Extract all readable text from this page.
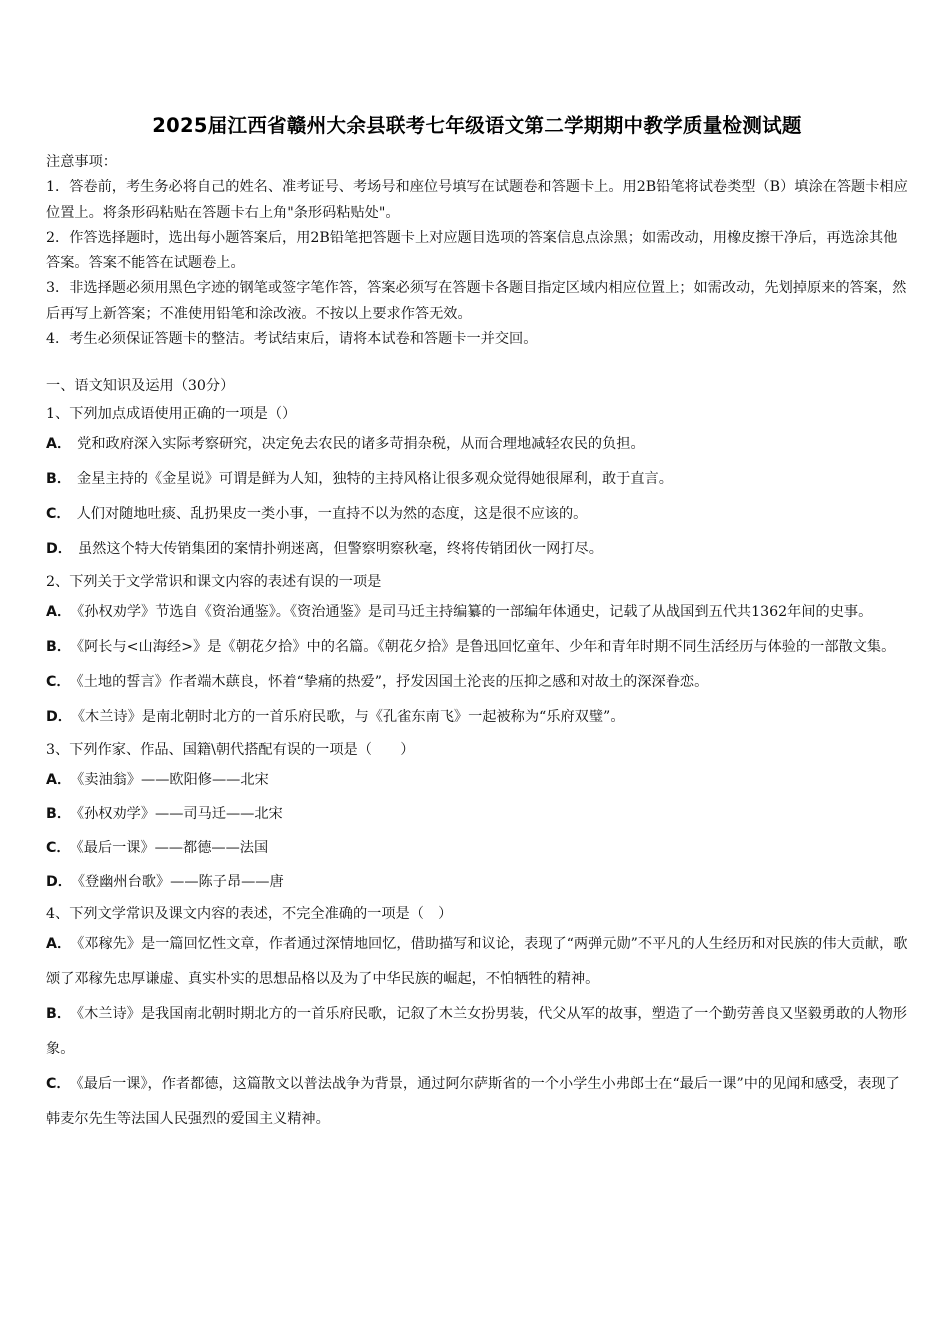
2025届江西省赣州大余县联考七年级语文第二学期期中教学质量检测试题

注意事项：

1．答卷前，考生务必将自己的姓名、准考证号、考场号和座位号填写在试题卷和答题卡上。用2B铅笔将试卷类型（B）填涂在答题卡相应位置上。将条形码粘贴在答题卡右上角"条形码粘贴处"。

2．作答选择题时，选出每小题答案后，用2B铅笔把答题卡上对应题目选项的答案信息点涂黑；如需改动，用橡皮擦干净后，再选涂其他答案。答案不能答在试题卷上。

3．非选择题必须用黑色字迹的钢笔或签字笔作答，答案必须写在答题卡各题目指定区域内相应位置上；如需改动，先划掉原来的答案，然后再写上新答案；不准使用铅笔和涂改液。不按以上要求作答无效。

4．考生必须保证答题卡的整洁。考试结束后，请将本试卷和答题卡一并交回。

一、语文知识及运用（30分）
1、下列加点成语使用正确的一项是（）
A． 党和政府深入实际考察研究，决定免去农民的诸多苛捐杂税，从而合理地减轻农民的负担。
B． 金星主持的《金星说》可谓是鲜为人知，独特的主持风格让很多观众觉得她很犀利，敢于直言。
C． 人们对随地吐痰、乱扔果皮一类小事，一直持不以为然的态度，这是很不应该的。
D． 虽然这个特大传销集团的案情扑朔迷离，但警察明察秋毫，终将传销团伙一网打尽。
2、下列关于文学常识和课文内容的表述有误的一项是
A． 《孙权劝学》节选自《资治通鉴》。《资治通鉴》是司马迁主持编纂的一部编年体通史，记载了从战国到五代共1362年间的史事。
B． 《阿长与<山海经>》是《朝花夕拾》中的名篇。《朝花夕拾》是鲁迅回忆童年、少年和青年时期不同生活经历与体验的一部散文集。
C． 《土地的誓言》作者端木蕻良，怀着“挚痛的热爱”，抒发因国土沦丧的压抑之感和对故土的深深眷恋。
D． 《木兰诗》是南北朝时北方的一首乐府民歌，与《孔雀东南飞》一起被称为“乐府双璧”。
3、下列作家、作品、国籍\朝代搭配有误的一项是（　　）
A． 《卖油翁》——欧阳修——北宋
B． 《孙权劝学》——司马迁——北宋
C． 《最后一课》——都德——法国
D． 《登幽州台歌》——陈子昂——唐
4、下列文学常识及课文内容的表述，不完全准确的一项是（　）
A． 《邓稼先》是一篇回忆性文章，作者通过深情地回忆，借助描写和议论，表现了“两弹元勋”不平凡的人生经历和对民族的伟大贡献，歌颂了邓稼先忠厚谦虚、真实朴实的思想品格以及为了中华民族的崛起，不怕牺牲的精神。
B． 《木兰诗》是我国南北朝时期北方的一首乐府民歌，记叙了木兰女扮男装，代父从军的故事，塑造了一个勤劳善良又坚毅勇敢的人物形象。
C． 《最后一课》，作者都德，这篇散文以普法战争为背景，通过阿尔萨斯省的一个小学生小弗郎士在“最后一课”中的见闻和感受，表现了韩麦尔先生等法国人民强烈的爱国主义精神。
